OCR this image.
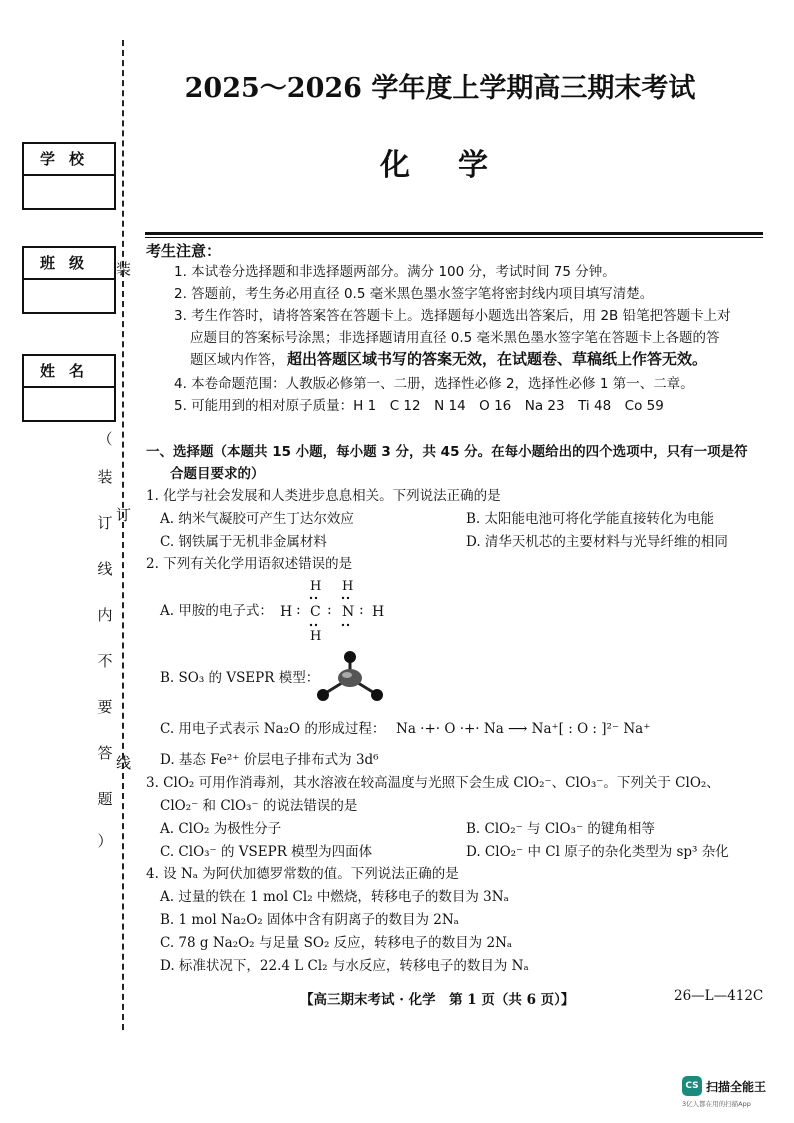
学校
班级
姓名
（
装
订
线
内
不
要
答
题
）
装
订
线
2025～2026 学年度上学期高三期末考试
化学
考生注意：
1. 本试卷分选择题和非选择题两部分。满分 100 分，考试时间 75 分钟。
2. 答题前，考生务必用直径 0.5 毫米黑色墨水签字笔将密封线内项目填写清楚。
3. 考生作答时，请将答案答在答题卡上。选择题每小题选出答案后，用 2B 铅笔把答题卡上对
应题目的答案标号涂黑；非选择题请用直径 0.5 毫米黑色墨水签字笔在答题卡上各题的答
题区域内作答， 超出答题区域书写的答案无效，在试题卷、草稿纸上作答无效。
4. 本卷命题范围：人教版必修第一、二册，选择性必修 2，选择性必修 1 第一、二章。
5. 可能用到的相对原子质量：H 1　C 12　N 14　O 16　Na 23　Ti 48　Co 59
一、选择题（本题共 15 小题，每小题 3 分，共 45 分。在每小题给出的四个选项中，只有一项是符
合题目要求的）
1. 化学与社会发展和人类进步息息相关。下列说法正确的是
A. 纳米气凝胶可产生丁达尔效应	B. 太阳能电池可将化学能直接转化为电能
C. 钢铁属于无机非金属材料	D. 清华天机芯的主要材料与光导纤维的相同
2. 下列有关化学用语叙述错误的是
A. 甲胺的电子式： H : C : N : H
H H
H
B. SO₃ 的 VSEPR 模型：
C. 用电子式表示 Na₂O 的形成过程： Na ·+· O ·+· Na ⟶ Na⁺[ : O : ]²⁻ Na⁺
D. 基态 Fe²⁺ 价层电子排布式为 3d⁶
3. ClO₂ 可用作消毒剂，其水溶液在较高温度与光照下会生成 ClO₂⁻、ClO₃⁻。下列关于 ClO₂、
ClO₂⁻ 和 ClO₃⁻ 的说法错误的是
A. ClO₂ 为极性分子	B. ClO₂⁻ 与 ClO₃⁻ 的键角相等
C. ClO₃⁻ 的 VSEPR 模型为四面体	D. ClO₂⁻ 中 Cl 原子的杂化类型为 sp³ 杂化
4. 设 Nₐ 为阿伏加德罗常数的值。下列说法正确的是
A. 过量的铁在 1 mol Cl₂ 中燃烧，转移电子的数目为 3Nₐ
B. 1 mol Na₂O₂ 固体中含有阴离子的数目为 2Nₐ
C. 78 g Na₂O₂ 与足量 SO₂ 反应，转移电子的数目为 2Nₐ
D. 标准状况下，22.4 L Cl₂ 与水反应，转移电子的数目为 Nₐ
【高三期末考试 · 化学　第 1 页（共 6 页）】	26—L—412C
CS 扫描全能王
3亿人都在用的扫描App
